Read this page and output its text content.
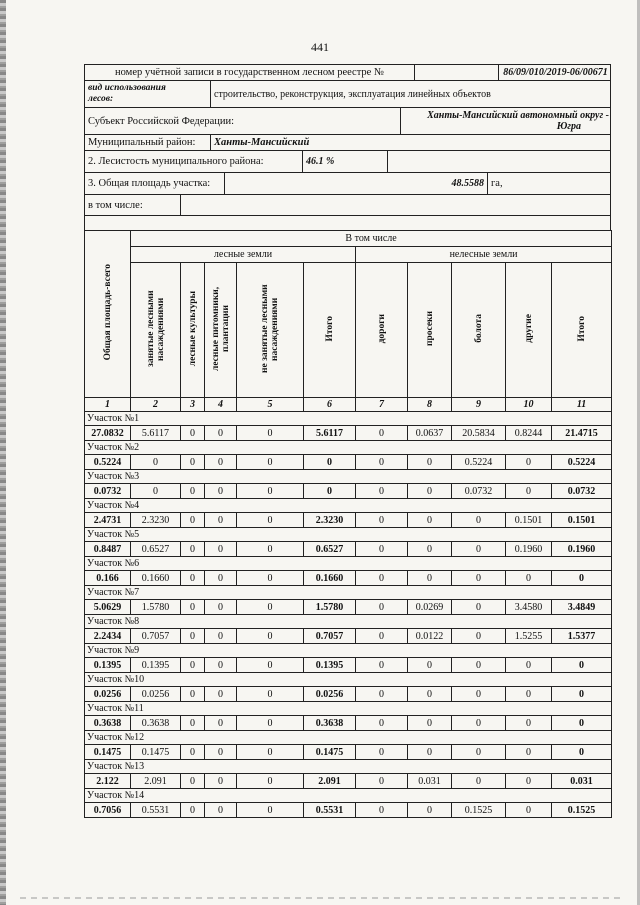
441
номер учётной записи в государственном лесном реестре №	86/09/010/2019-06/00671
вид использования
лесов:	строительство, реконструкция, эксплуатация линейных объектов
Субъект Российской Федерации:	Ханты-Мансийский автономный округ -
Югра
Муниципальный район:	Ханты-Мансийский
2. Лесистость муниципального района:	46.1 %
3. Общая площадь участка:	48.5588 га,
в том числе:
Общая площадь-всего	В том числе									
	лесные земли					нелесные земли				
	занятые лесными насаждениями	лесные культуры	лесные питомники, плантации	не занятые лесными насаждениями	Итого	дороги	просеки	болота	другие	Итого
1	2	3	4	5	6	7	8	9	10	11
Участок №1										
27.0832	5.6117	0	0	0	5.6117	0	0.0637	20.5834	0.8244	21.4715
Участок №2										
0.5224	0	0	0	0	0	0	0	0.5224	0	0.5224
Участок №3										
0.0732	0	0	0	0	0	0	0	0.0732	0	0.0732
Участок №4										
2.4731	2.3230	0	0	0	2.3230	0	0	0	0.1501	0.1501
Участок №5										
0.8487	0.6527	0	0	0	0.6527	0	0	0	0.1960	0.1960
Участок №6										
0.166	0.1660	0	0	0	0.1660	0	0	0	0	0
Участок №7										
5.0629	1.5780	0	0	0	1.5780	0	0.0269	0	3.4580	3.4849
Участок №8										
2.2434	0.7057	0	0	0	0.7057	0	0.0122	0	1.5255	1.5377
Участок №9										
0.1395	0.1395	0	0	0	0.1395	0	0	0	0	0
Участок №10										
0.0256	0.0256	0	0	0	0.0256	0	0	0	0	0
Участок №11										
0.3638	0.3638	0	0	0	0.3638	0	0	0	0	0
Участок №12										
0.1475	0.1475	0	0	0	0.1475	0	0	0	0	0
Участок №13										
2.122	2.091	0	0	0	2.091	0	0.031	0	0	0.031
Участок №14										
0.7056	0.5531	0	0	0	0.5531	0	0	0.1525	0	0.1525
